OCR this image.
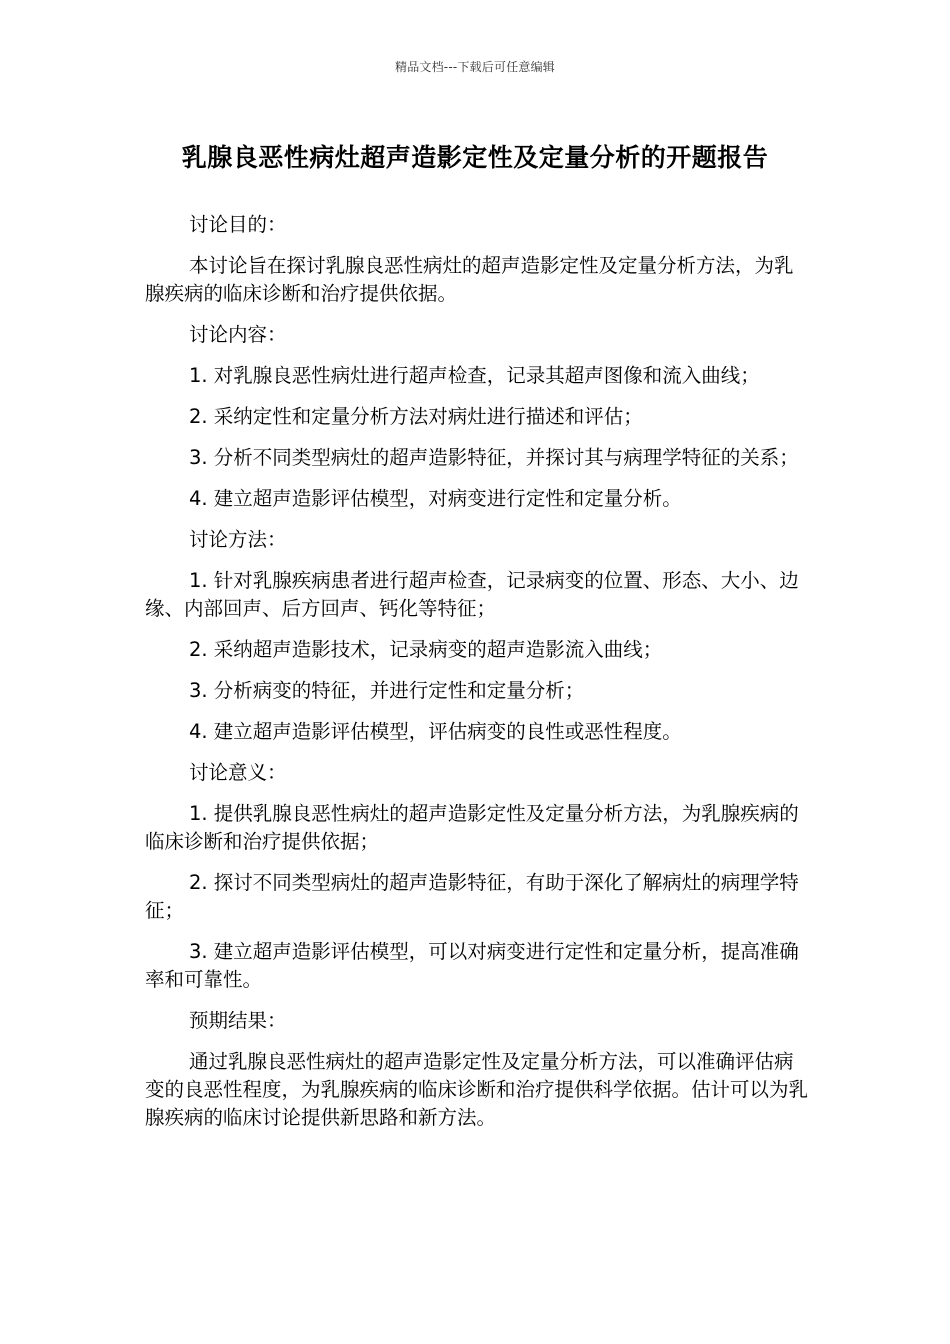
精品文档---下载后可任意编辑
乳腺良恶性病灶超声造影定性及定量分析的开题报告

讨论目的：

本讨论旨在探讨乳腺良恶性病灶的超声造影定性及定量分析方法，为乳腺疾病的临床诊断和治疗提供依据。

讨论内容：

1. 对乳腺良恶性病灶进行超声检查，记录其超声图像和流入曲线；

2. 采纳定性和定量分析方法对病灶进行描述和评估；

3. 分析不同类型病灶的超声造影特征，并探讨其与病理学特征的关系；

4. 建立超声造影评估模型，对病变进行定性和定量分析。

讨论方法：

1. 针对乳腺疾病患者进行超声检查，记录病变的位置、形态、大小、边缘、内部回声、后方回声、钙化等特征；

2. 采纳超声造影技术，记录病变的超声造影流入曲线；

3. 分析病变的特征，并进行定性和定量分析；

4. 建立超声造影评估模型，评估病变的良性或恶性程度。

讨论意义：

1. 提供乳腺良恶性病灶的超声造影定性及定量分析方法，为乳腺疾病的临床诊断和治疗提供依据；

2. 探讨不同类型病灶的超声造影特征，有助于深化了解病灶的病理学特征；

3. 建立超声造影评估模型，可以对病变进行定性和定量分析，提高准确率和可靠性。

预期结果：

通过乳腺良恶性病灶的超声造影定性及定量分析方法，可以准确评估病变的良恶性程度，为乳腺疾病的临床诊断和治疗提供科学依据。估计可以为乳腺疾病的临床讨论提供新思路和新方法。
